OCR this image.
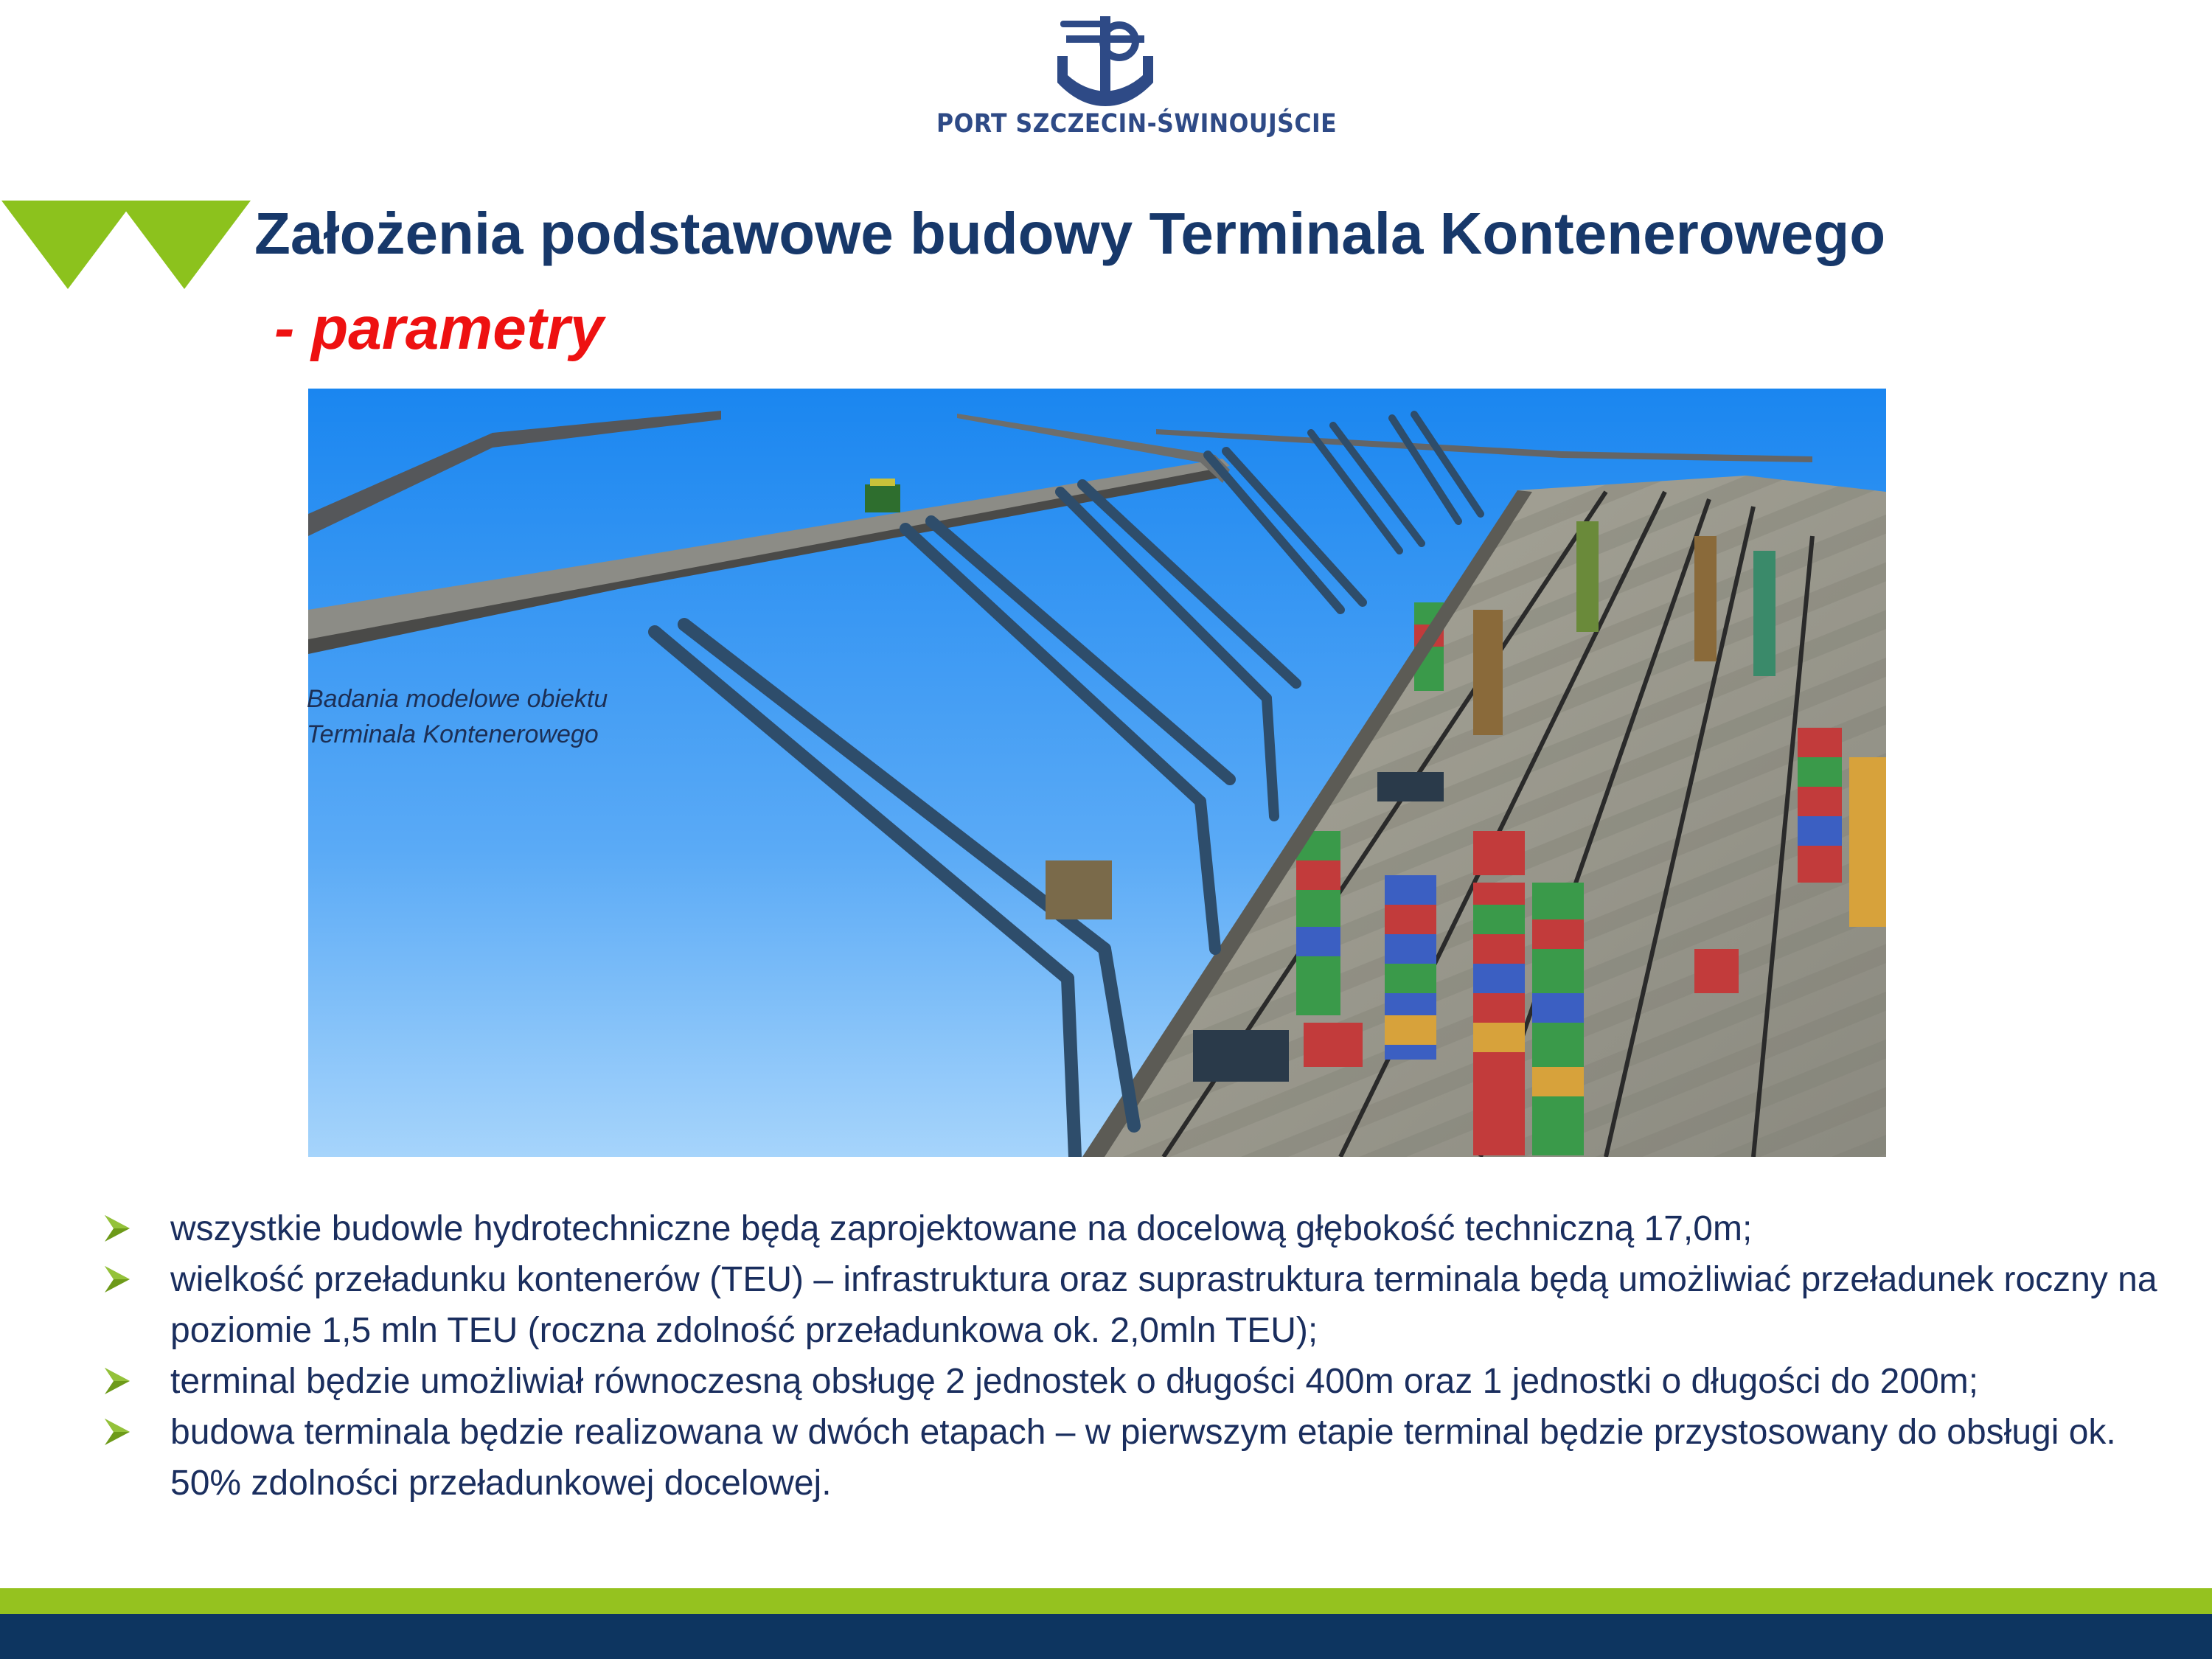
PORT SZCZECIN-ŚWINOUJŚCIE
Założenia podstawowe budowy Terminala Kontenerowego
- parametry
Badania modelowe obiektu
Terminala Kontenerowego
wszystkie budowle hydrotechniczne będą zaprojektowane na docelową głębokość techniczną 17,0m;
wielkość przeładunku kontenerów (TEU) – infrastruktura oraz suprastruktura terminala będą umożliwiać przeładunek roczny na poziomie 1,5 mln TEU (roczna zdolność przeładunkowa ok. 2,0mln TEU);
terminal będzie umożliwiał równoczesną obsługę 2 jednostek o długości 400m oraz 1 jednostki o długości do 200m;
budowa terminala będzie realizowana w dwóch etapach – w pierwszym etapie terminal będzie przystosowany do obsługi ok. 50% zdolności przeładunkowej docelowej.
